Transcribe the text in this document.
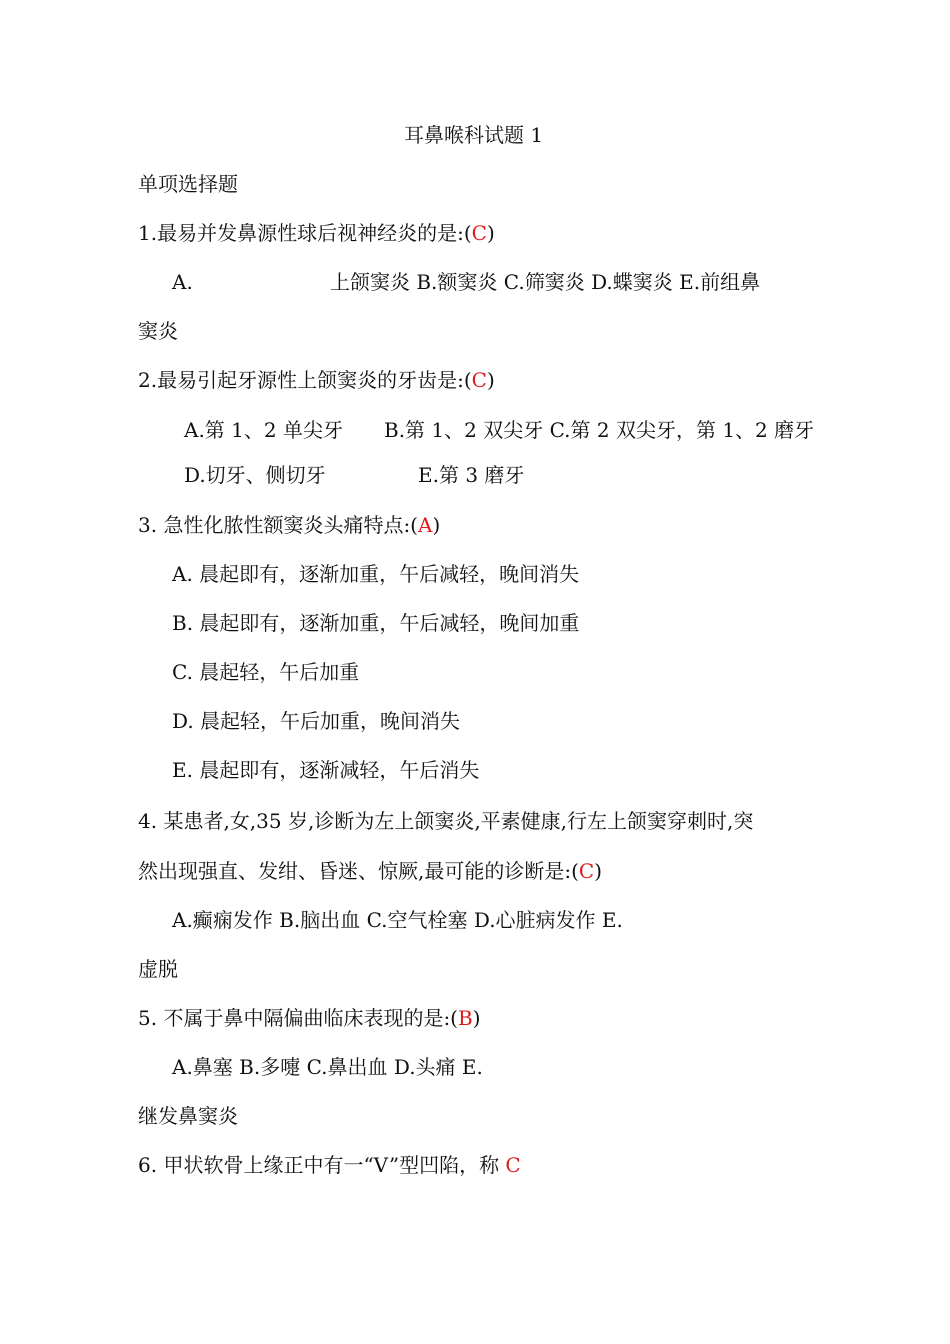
耳鼻喉科试题 1
单项选择题
1.最易并发鼻源性球后视神经炎的是:(C)
A.	上颌窦炎 B.额窦炎 C.筛窦炎 D.蝶窦炎 E.前组鼻
窦炎
2.最易引起牙源性上颌窦炎的牙齿是:(C)
A.第 1、2 单尖牙	B.第 1、2 双尖牙 C.第 2 双尖牙，第 1、2 磨牙
D.切牙、侧切牙	E.第 3 磨牙
3. 急性化脓性额窦炎头痛特点:(A)
A. 晨起即有，逐渐加重，午后减轻，晚间消失
B. 晨起即有，逐渐加重，午后减轻，晚间加重
C. 晨起轻，午后加重
D. 晨起轻，午后加重，晚间消失
E. 晨起即有，逐渐减轻，午后消失
4. 某患者,女,35 岁,诊断为左上颌窦炎,平素健康,行左上颌窦穿刺时,突
然出现强直、发绀、昏迷、惊厥,最可能的诊断是:(C)
A.癫痫发作 B.脑出血 C.空气栓塞 D.心脏病发作 E.
虚脱
5. 不属于鼻中隔偏曲临床表现的是:(B)
A.鼻塞 B.多嚏 C.鼻出血 D.头痛 E.
继发鼻窦炎
6. 甲状软骨上缘正中有一“V”型凹陷，称 C
